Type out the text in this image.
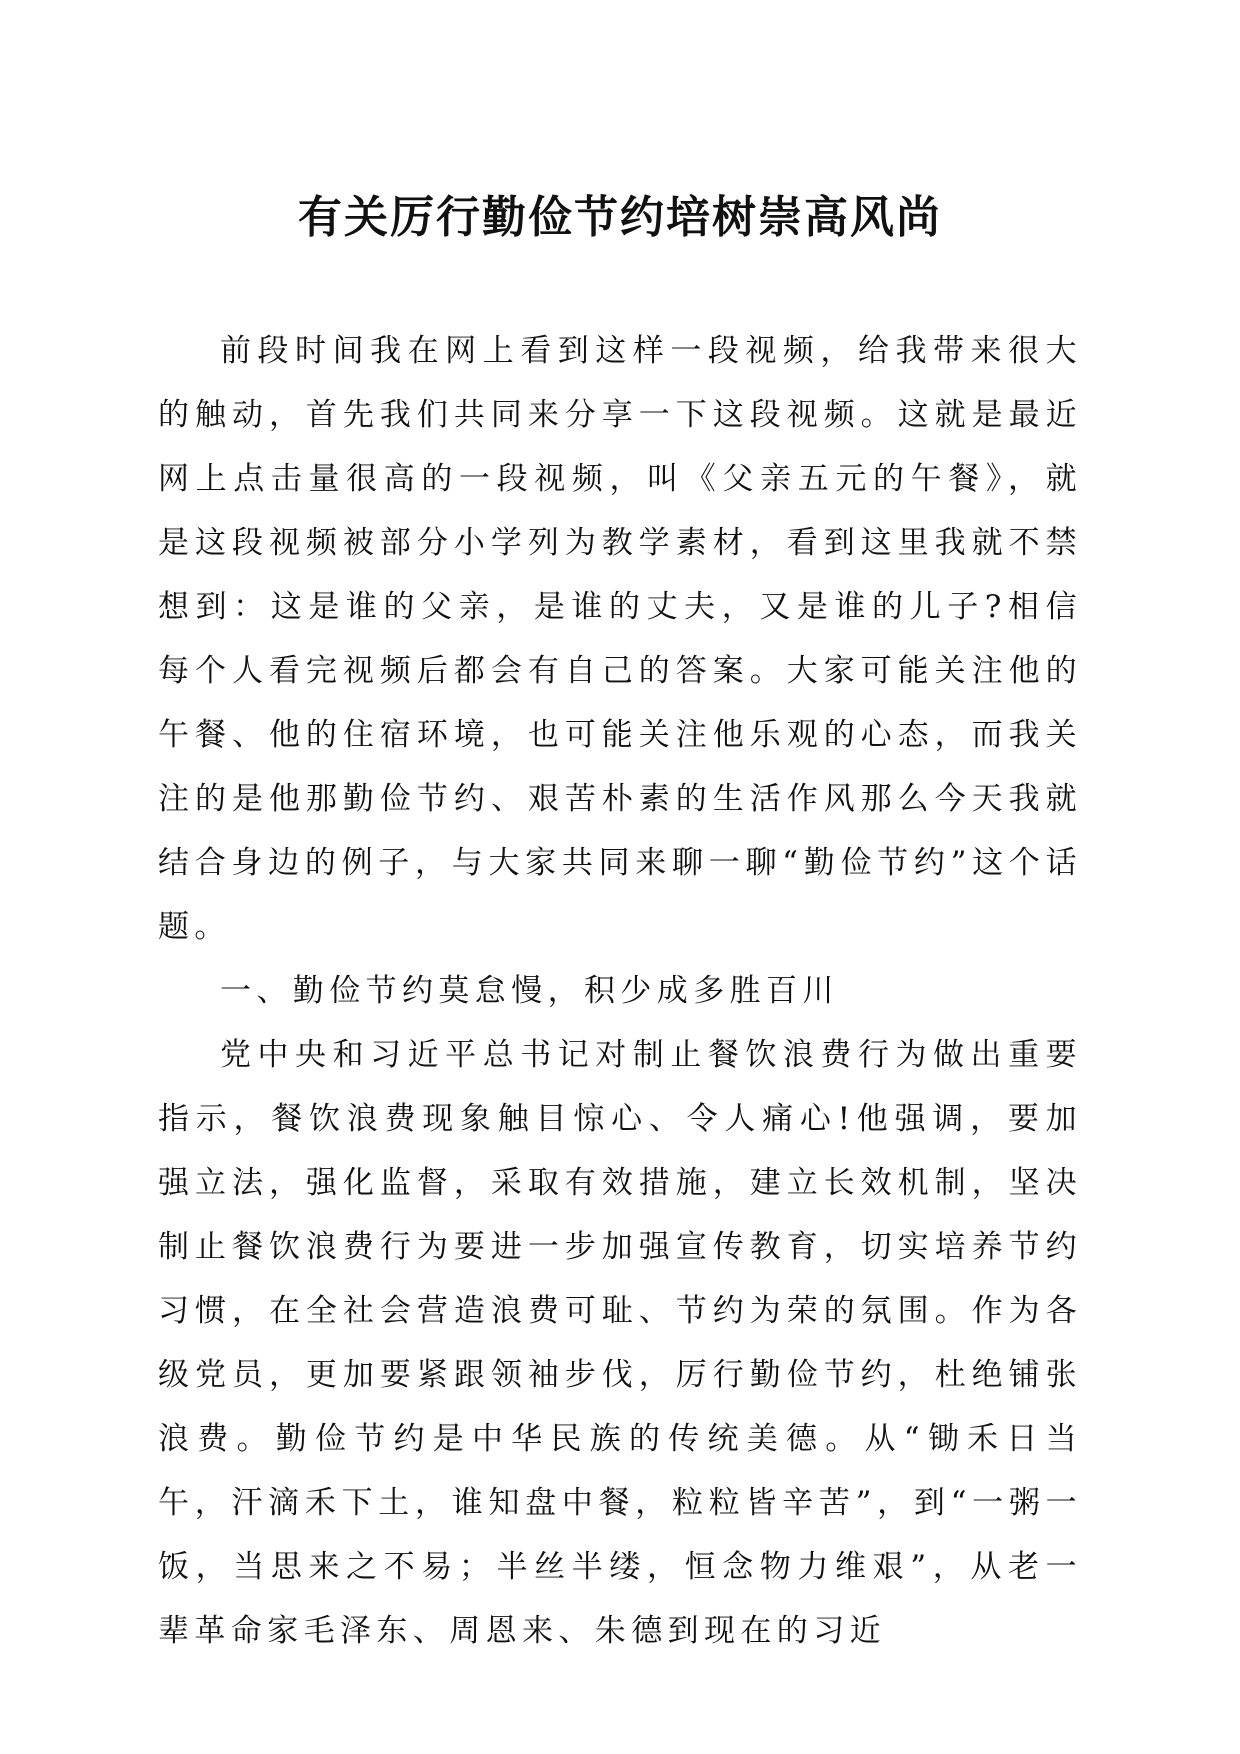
有关厉行勤俭节约培树崇高风尚

前段时间我在网上看到这样一段视频，给我带来很大的触动，首先我们共同来分享一下这段视频。这就是最近网上点击量很高的一段视频，叫《父亲五元的午餐》，就是这段视频被部分小学列为教学素材，看到这里我就不禁想到：这是谁的父亲，是谁的丈夫，又是谁的儿子?相信每个人看完视频后都会有自己的答案。大家可能关注他的午餐、他的住宿环境，也可能关注他乐观的心态，而我关注的是他那勤俭节约、艰苦朴素的生活作风那么今天我就结合身边的例子，与大家共同来聊一聊“勤俭节约”这个话题。

一、勤俭节约莫怠慢，积少成多胜百川

党中央和习近平总书记对制止餐饮浪费行为做出重要指示，餐饮浪费现象触目惊心、令人痛心!他强调，要加强立法，强化监督，采取有效措施，建立长效机制，坚决制止餐饮浪费行为要进一步加强宣传教育，切实培养节约习惯，在全社会营造浪费可耻、节约为荣的氛围。作为各级党员，更加要紧跟领袖步伐，厉行勤俭节约，杜绝铺张浪费。勤俭节约是中华民族的传统美德。从“锄禾日当午，汗滴禾下土，谁知盘中餐，粒粒皆辛苦”，到“一粥一饭，当思来之不易；半丝半缕，恒念物力维艰”，从老一辈革命家毛泽东、周恩来、朱德到现在的习近
